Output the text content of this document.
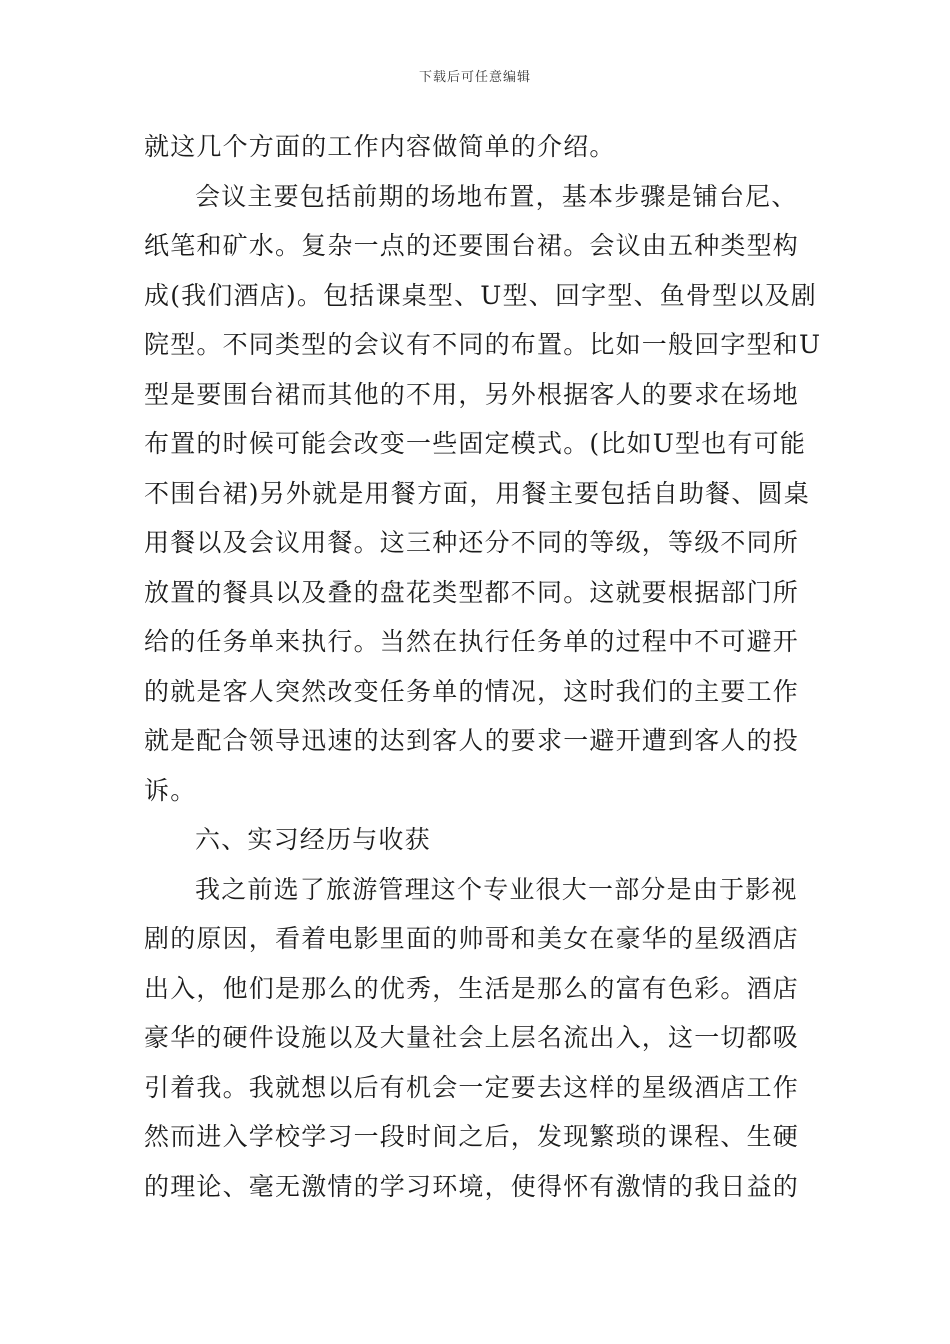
下载后可任意编辑
就这几个方面的工作内容做简单的介绍。
会议主要包括前期的场地布置，基本步骤是铺台尼、
纸笔和矿水。复杂一点的还要围台裙。会议由五种类型构
成(我们酒店)。包括课桌型、U型、回字型、鱼骨型以及剧
院型。不同类型的会议有不同的布置。比如一般回字型和U
型是要围台裙而其他的不用，另外根据客人的要求在场地
布置的时候可能会改变一些固定模式。(比如U型也有可能
不围台裙)另外就是用餐方面，用餐主要包括自助餐、圆桌
用餐以及会议用餐。这三种还分不同的等级，等级不同所
放置的餐具以及叠的盘花类型都不同。这就要根据部门所
给的任务单来执行。当然在执行任务单的过程中不可避开
的就是客人突然改变任务单的情况，这时我们的主要工作
就是配合领导迅速的达到客人的要求一避开遭到客人的投
诉。
六、实习经历与收获
我之前选了旅游管理这个专业很大一部分是由于影视
剧的原因，看着电影里面的帅哥和美女在豪华的星级酒店
出入，他们是那么的优秀，生活是那么的富有色彩。酒店
豪华的硬件设施以及大量社会上层名流出入，这一切都吸
引着我。我就想以后有机会一定要去这样的星级酒店工作
然而进入学校学习一段时间之后，发现繁琐的课程、生硬
的理论、毫无激情的学习环境，使得怀有激情的我日益的
